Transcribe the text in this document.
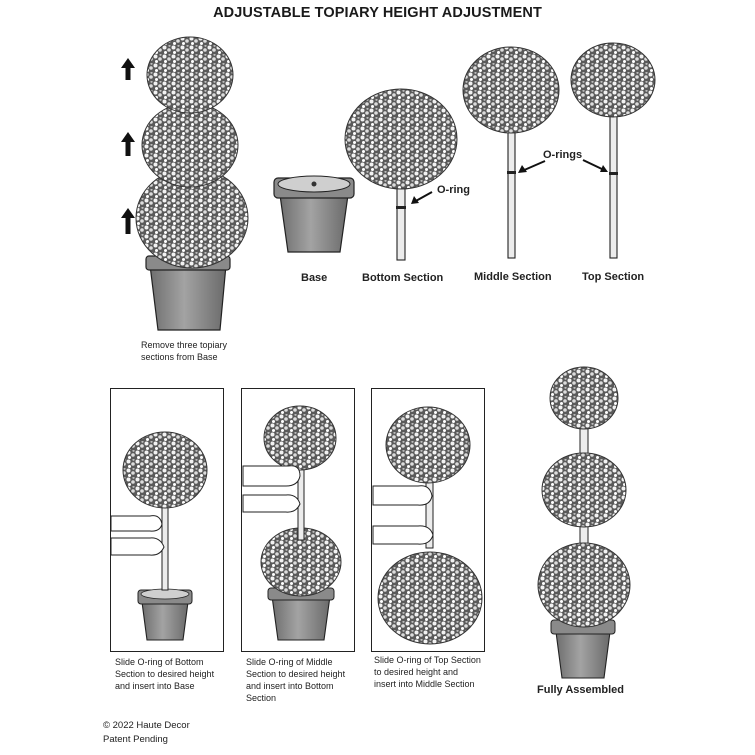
ADJUSTABLE TOPIARY HEIGHT ADJUSTMENT
Base	Bottom Section	Middle Section	Top Section
O-ring
O-rings
Fully Assembled
Remove three topiary
sections from Base
Slide O-ring of Bottom
Section to desired height
and insert into Base
Slide O-ring of Middle
Section to desired height
and insert into Bottom
Section
Slide O-ring of Top Section
to desired height and
insert into Middle Section
© 2022 Haute Decor
Patent Pending
